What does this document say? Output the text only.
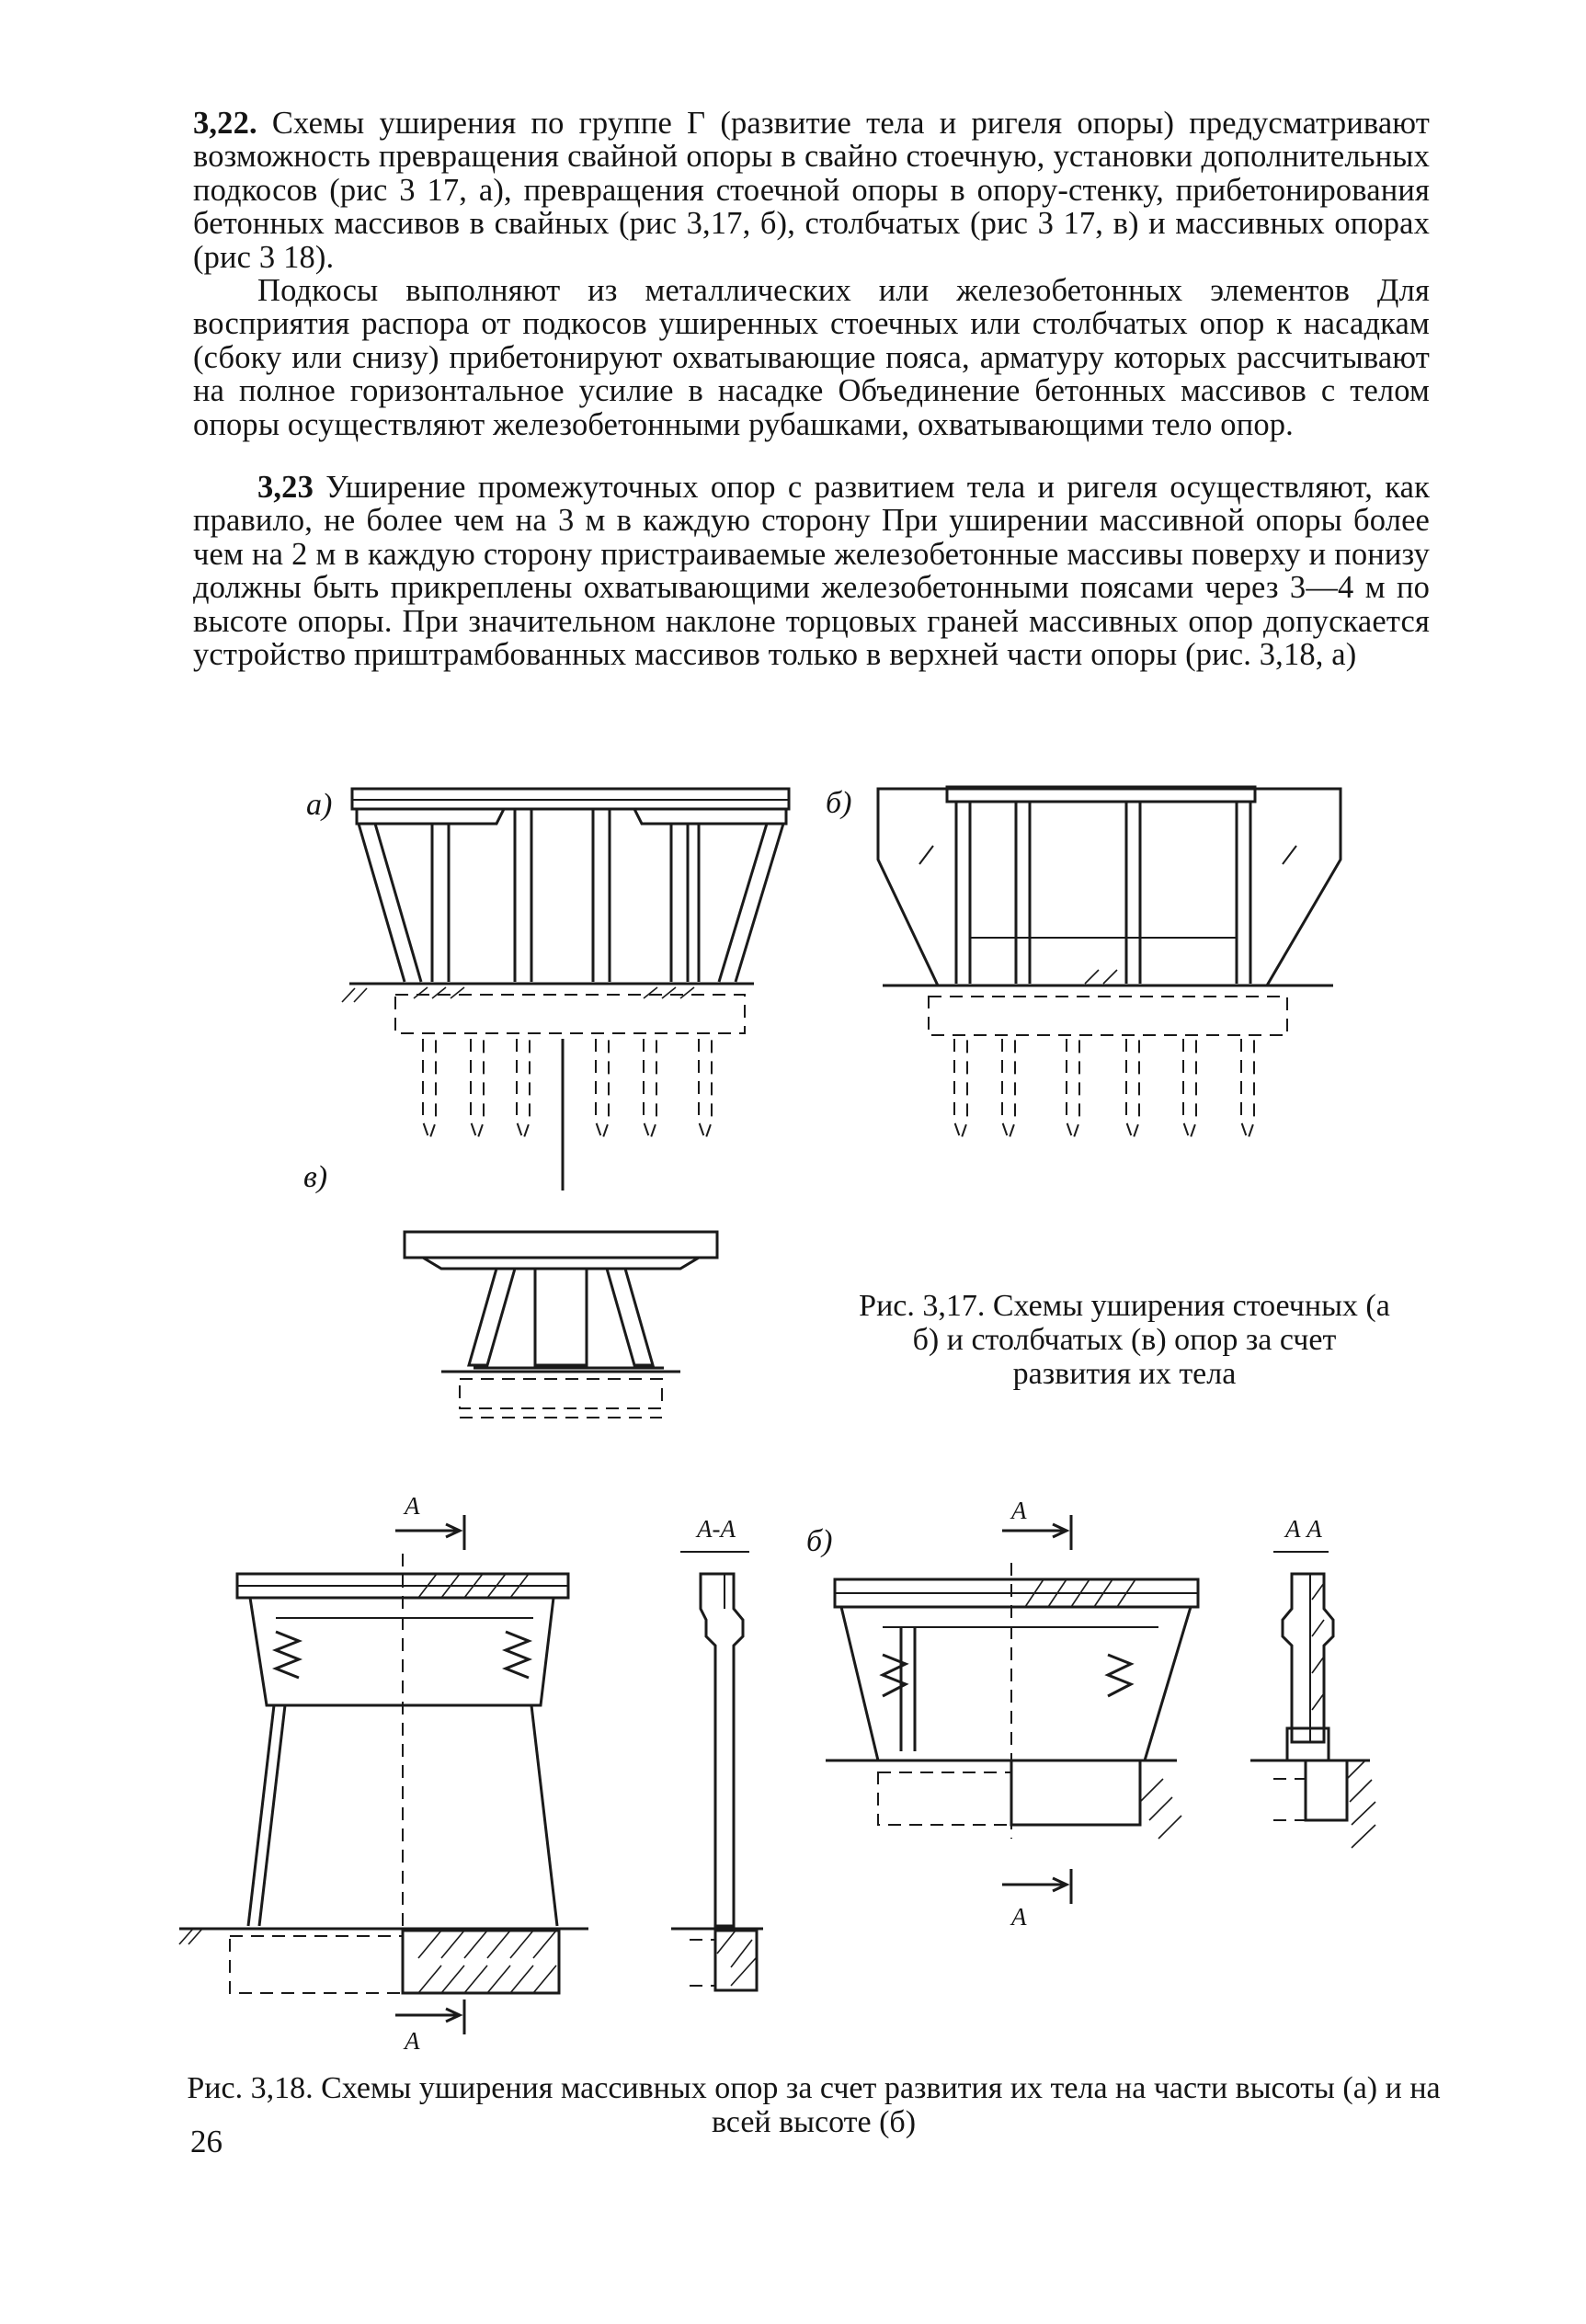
3,22. Схемы уширения по группе Г (развитие тела и ригеля опоры) предусматривают возможность превращения свайной опоры в свайно стоечную, установки дополнительных подкосов (рис 3 17, а), превращения стоечной опоры в опору-стенку, прибетонирования бетонных массивов в свайных (рис 3,17, б), столбчатых (рис 3 17, в) и массивных опорах (рис 3 18).

Подкосы выполняют из металлических или железобетонных элементов Для восприятия распора от подкосов уширенных стоечных или столбчатых опор к насадкам (сбоку или снизу) прибетонируют охватывающие пояса, арматуру которых рассчитывают на полное горизонтальное усилие в насадке Объединение бетонных массивов с телом опоры осуществляют железобетонными рубашками, охватывающими тело опор.

3,23 Уширение промежуточных опор с развитием тела и ригеля осуществляют, как правило, не более чем на 3 м в каждую сторону При уширении массивной опоры более чем на 2 м в каждую сторону пристраиваемые железобетонные массивы поверху и понизу должны быть прикреплены охватывающими железобетонными поясами через 3—4 м по высоте опоры. При значительном наклоне торцовых граней массивных опор допускается устройство приштрамбованных массивов только в верхней части опоры (рис. 3,18, а)

а)	б)
в)

Рис. 3,17. Схемы уширения стоечных (а б) и столбчатых (в) опор за счет развития их тела

А
А
А-А б)
А
А
А А

Рис. 3,18. Схемы уширения массивных опор за счет развития их тела на части высоты (а) и на всей высоте (б)

26
